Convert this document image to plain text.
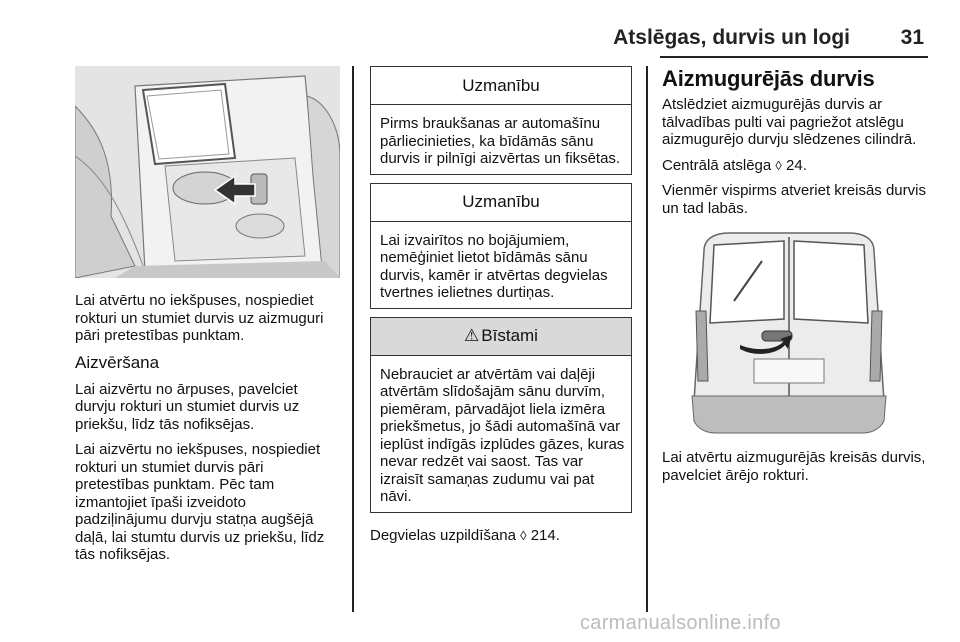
Atslēgas, durvis un logi 31

Lai atvērtu no iekšpuses, nospiediet rokturi un stumiet durvis uz aizmuguri pāri pretestības punktam.

Aizvēršana

Lai aizvērtu no ārpuses, pavelciet durvju rokturi un stumiet durvis uz priekšu, līdz tās nofiksējas.

Lai aizvērtu no iekšpuses, nospiediet rokturi un stumiet durvis pāri pretestības punktam. Pēc tam izmantojiet īpaši izveidoto padziļinājumu durvju statņa augšējā daļā, lai stumtu durvis uz priekšu, līdz tās nofiksējas.

Uzmanību
Pirms braukšanas ar automašīnu pārliecinieties, ka bīdāmās sānu durvis ir pilnīgi aizvērtas un fiksētas.
Uzmanību
Lai izvairītos no bojājumiem, nemēģiniet lietot bīdāmās sānu durvis, kamēr ir atvērtas degvielas tvertnes ielietnes durtiņas.
⚠ Bīstami
Nebrauciet ar atvērtām vai daļēji atvērtām slīdošajām sānu durvīm, piemēram, pārvadājot liela izmēra priekšmetus, jo šādi automašīnā var ieplūst indīgās izplūdes gāzes, kuras nevar redzēt vai saost. Tas var izraisīt samaņas zudumu vai pat nāvi.

Degvielas uzpildīšana ◊ 214.

Aizmugurējās durvis

Atslēdziet aizmugurējās durvis ar tālvadības pulti vai pagriežot atslēgu aizmugurējo durvju slēdzenes cilindrā.

Centrālā atslēga ◊ 24.

Vienmēr vispirms atveriet kreisās durvis un tad labās.

Lai atvērtu aizmugurējās kreisās durvis, pavelciet ārējo rokturi.

carmanualsonline.info
